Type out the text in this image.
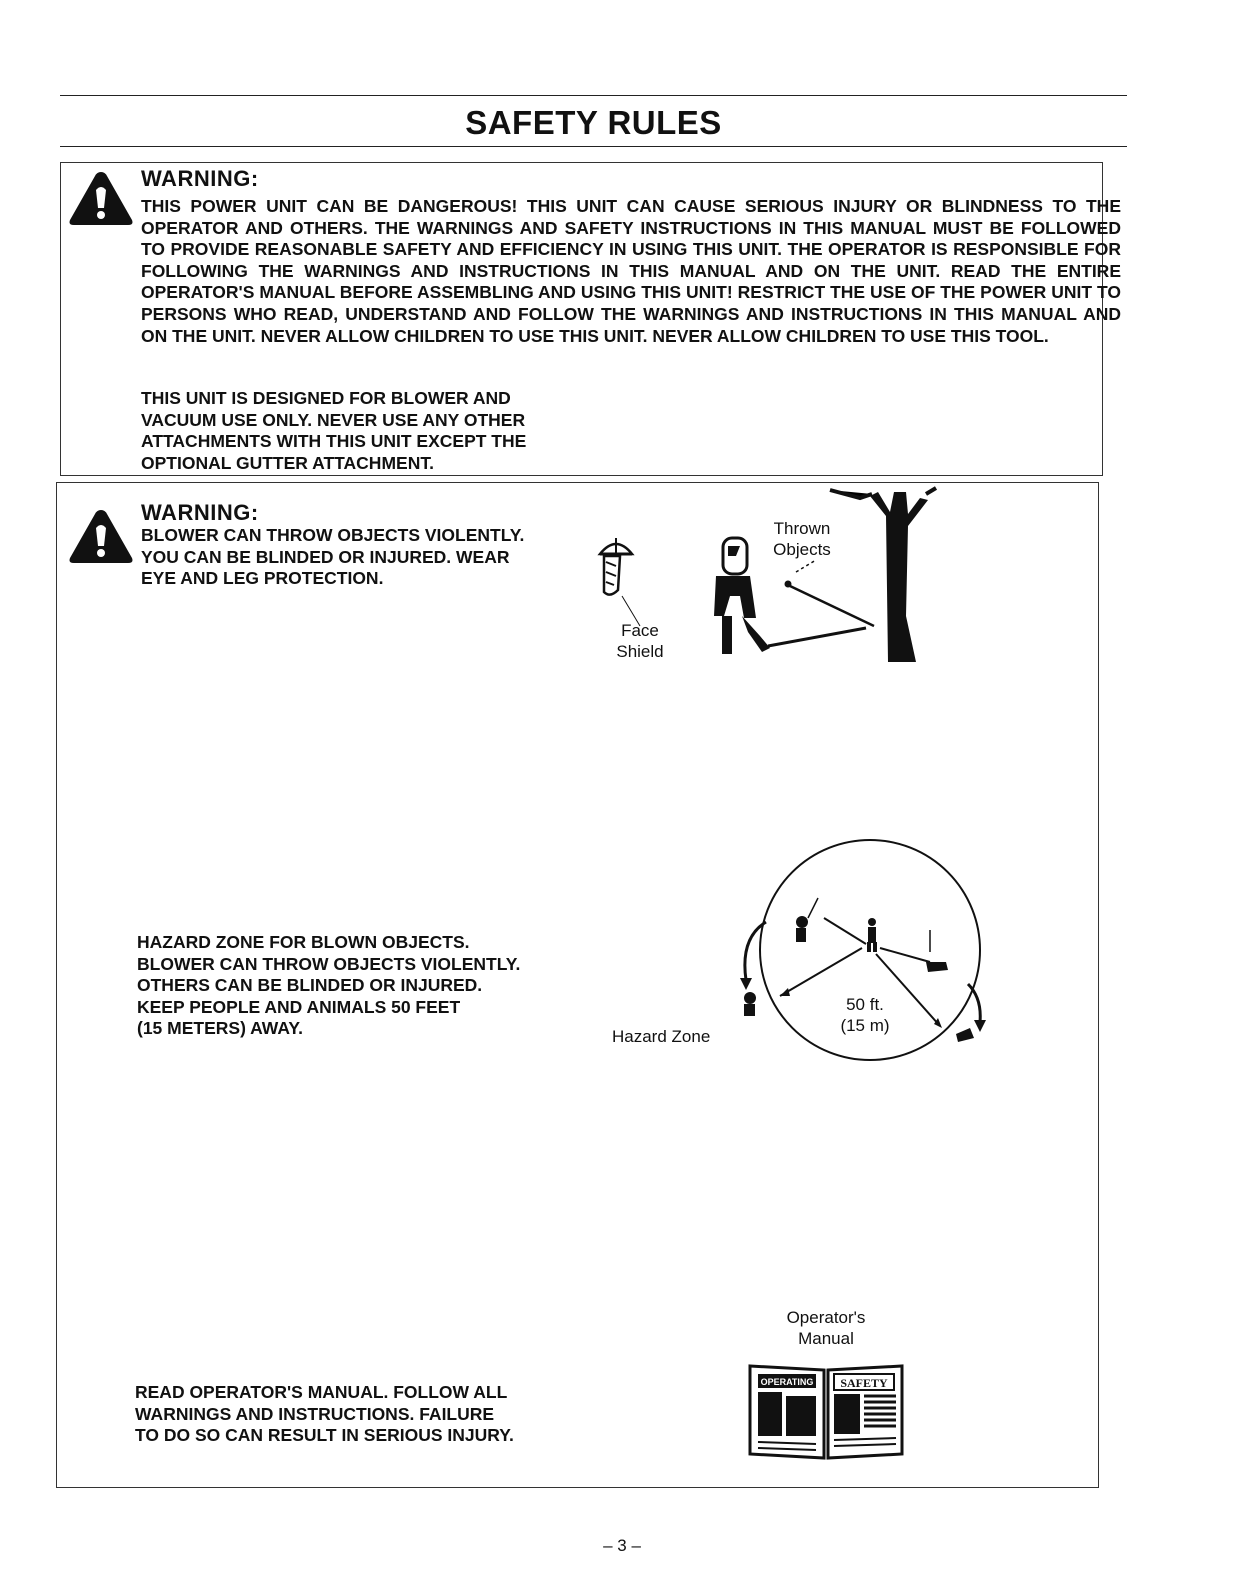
SAFETY RULES
WARNING:
THIS POWER UNIT CAN BE DANGEROUS! THIS UNIT CAN CAUSE SERIOUS INJURY OR BLINDNESS TO THE OPERATOR AND OTHERS. THE WARNINGS AND SAFETY INSTRUCTIONS IN THIS MANUAL MUST BE FOLLOWED TO PROVIDE REASONABLE SAFETY AND EFFICIENCY IN USING THIS UNIT. THE OPERATOR IS RESPONSIBLE FOR FOLLOWING THE WARNINGS AND INSTRUCTIONS IN THIS MANUAL AND ON THE UNIT. READ THE ENTIRE OPERATOR'S MANUAL BEFORE ASSEMBLING AND USING THIS UNIT! RESTRICT THE USE OF THE POWER UNIT TO PERSONS WHO READ, UNDERSTAND AND FOLLOW THE WARNINGS AND INSTRUCTIONS IN THIS MANUAL AND ON THE UNIT. NEVER ALLOW CHILDREN TO USE THIS UNIT. NEVER ALLOW CHILDREN TO USE THIS TOOL.
THIS UNIT IS DESIGNED FOR BLOWER AND
VACUUM USE ONLY. NEVER USE ANY OTHER
ATTACHMENTS WITH THIS UNIT EXCEPT THE
OPTIONAL GUTTER ATTACHMENT.
WARNING:
BLOWER CAN THROW OBJECTS VIOLENTLY.
YOU CAN BE BLINDED OR INJURED. WEAR
EYE AND LEG PROTECTION.
Face
Shield
Thrown
Objects
HAZARD ZONE FOR BLOWN OBJECTS.
BLOWER CAN THROW OBJECTS VIOLENTLY.
OTHERS CAN BE BLINDED OR INJURED.
KEEP PEOPLE AND ANIMALS 50 FEET
(15 METERS) AWAY.	Hazard Zone
50 ft.
(15 m)
READ OPERATOR'S MANUAL. FOLLOW ALL
WARNINGS AND INSTRUCTIONS. FAILURE
TO DO SO CAN RESULT IN SERIOUS INJURY.
Operator's
Manual
OPERATING SAFETY
– 3 –
